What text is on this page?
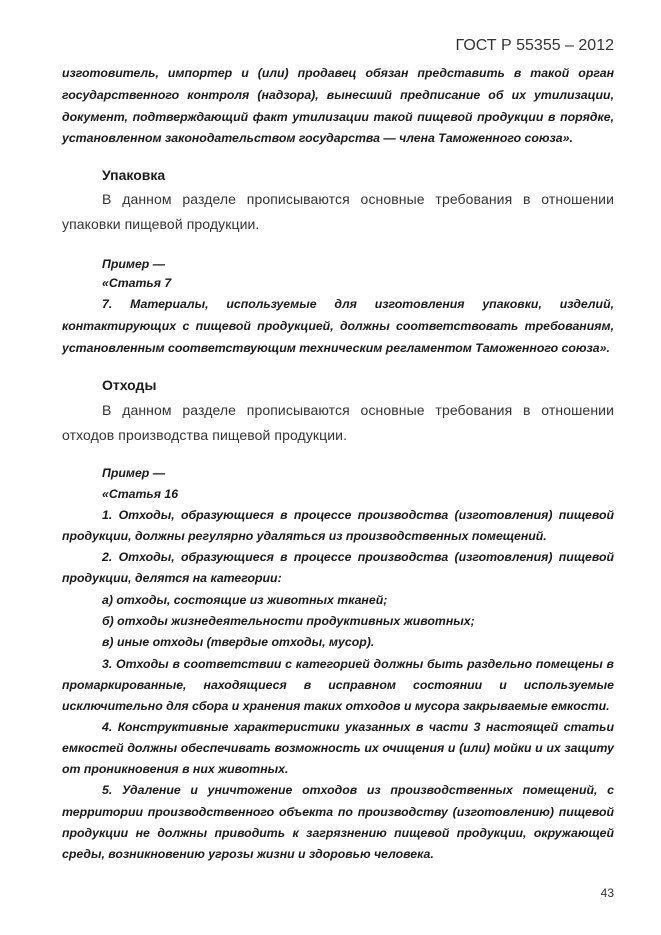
ГОСТ Р 55355 – 2012
изготовитель, импортер и (или) продавец обязан представить в такой орган
государственного контроля (надзора), вынесший предписание об их утилизации,
документ, подтверждающий факт утилизации такой пищевой продукции в порядке,
установленном законодательством государства — члена Таможенного союза».
Упаковка
В данном разделе прописываются основные требования в отношении
упаковки пищевой продукции.
Пример —
«Статья 7
7. Материалы, используемые для изготовления упаковки, изделий,
контактирующих с пищевой продукцией, должны соответствовать требованиям,
установленным соответствующим техническим регламентом Таможенного союза».
Отходы
В данном разделе прописываются основные требования в отношении
отходов производства пищевой продукции.
Пример —
«Статья 16
1. Отходы, образующиеся в процессе производства (изготовления) пищевой
продукции, должны регулярно удаляться из производственных помещений.
2. Отходы, образующиеся в процессе производства (изготовления) пищевой
продукции, делятся на категории:
а) отходы, состоящие из животных тканей;
б) отходы жизнедеятельности продуктивных животных;
в) иные отходы (твердые отходы, мусор).
3. Отходы в соответствии с категорией должны быть раздельно помещены в
промаркированные, находящиеся в исправном состоянии и используемые
исключительно для сбора и хранения таких отходов и мусора закрываемые емкости.
4. Конструктивные характеристики указанных в части 3 настоящей статьи
емкостей должны обеспечивать возможность их очищения и (или) мойки и их защиту
от проникновения в них животных.
5. Удаление и уничтожение отходов из производственных помещений, с
территории производственного объекта по производству (изготовлению) пищевой
продукции не должны приводить к загрязнению пищевой продукции, окружающей
среды, возникновению угрозы жизни и здоровью человека.
43
